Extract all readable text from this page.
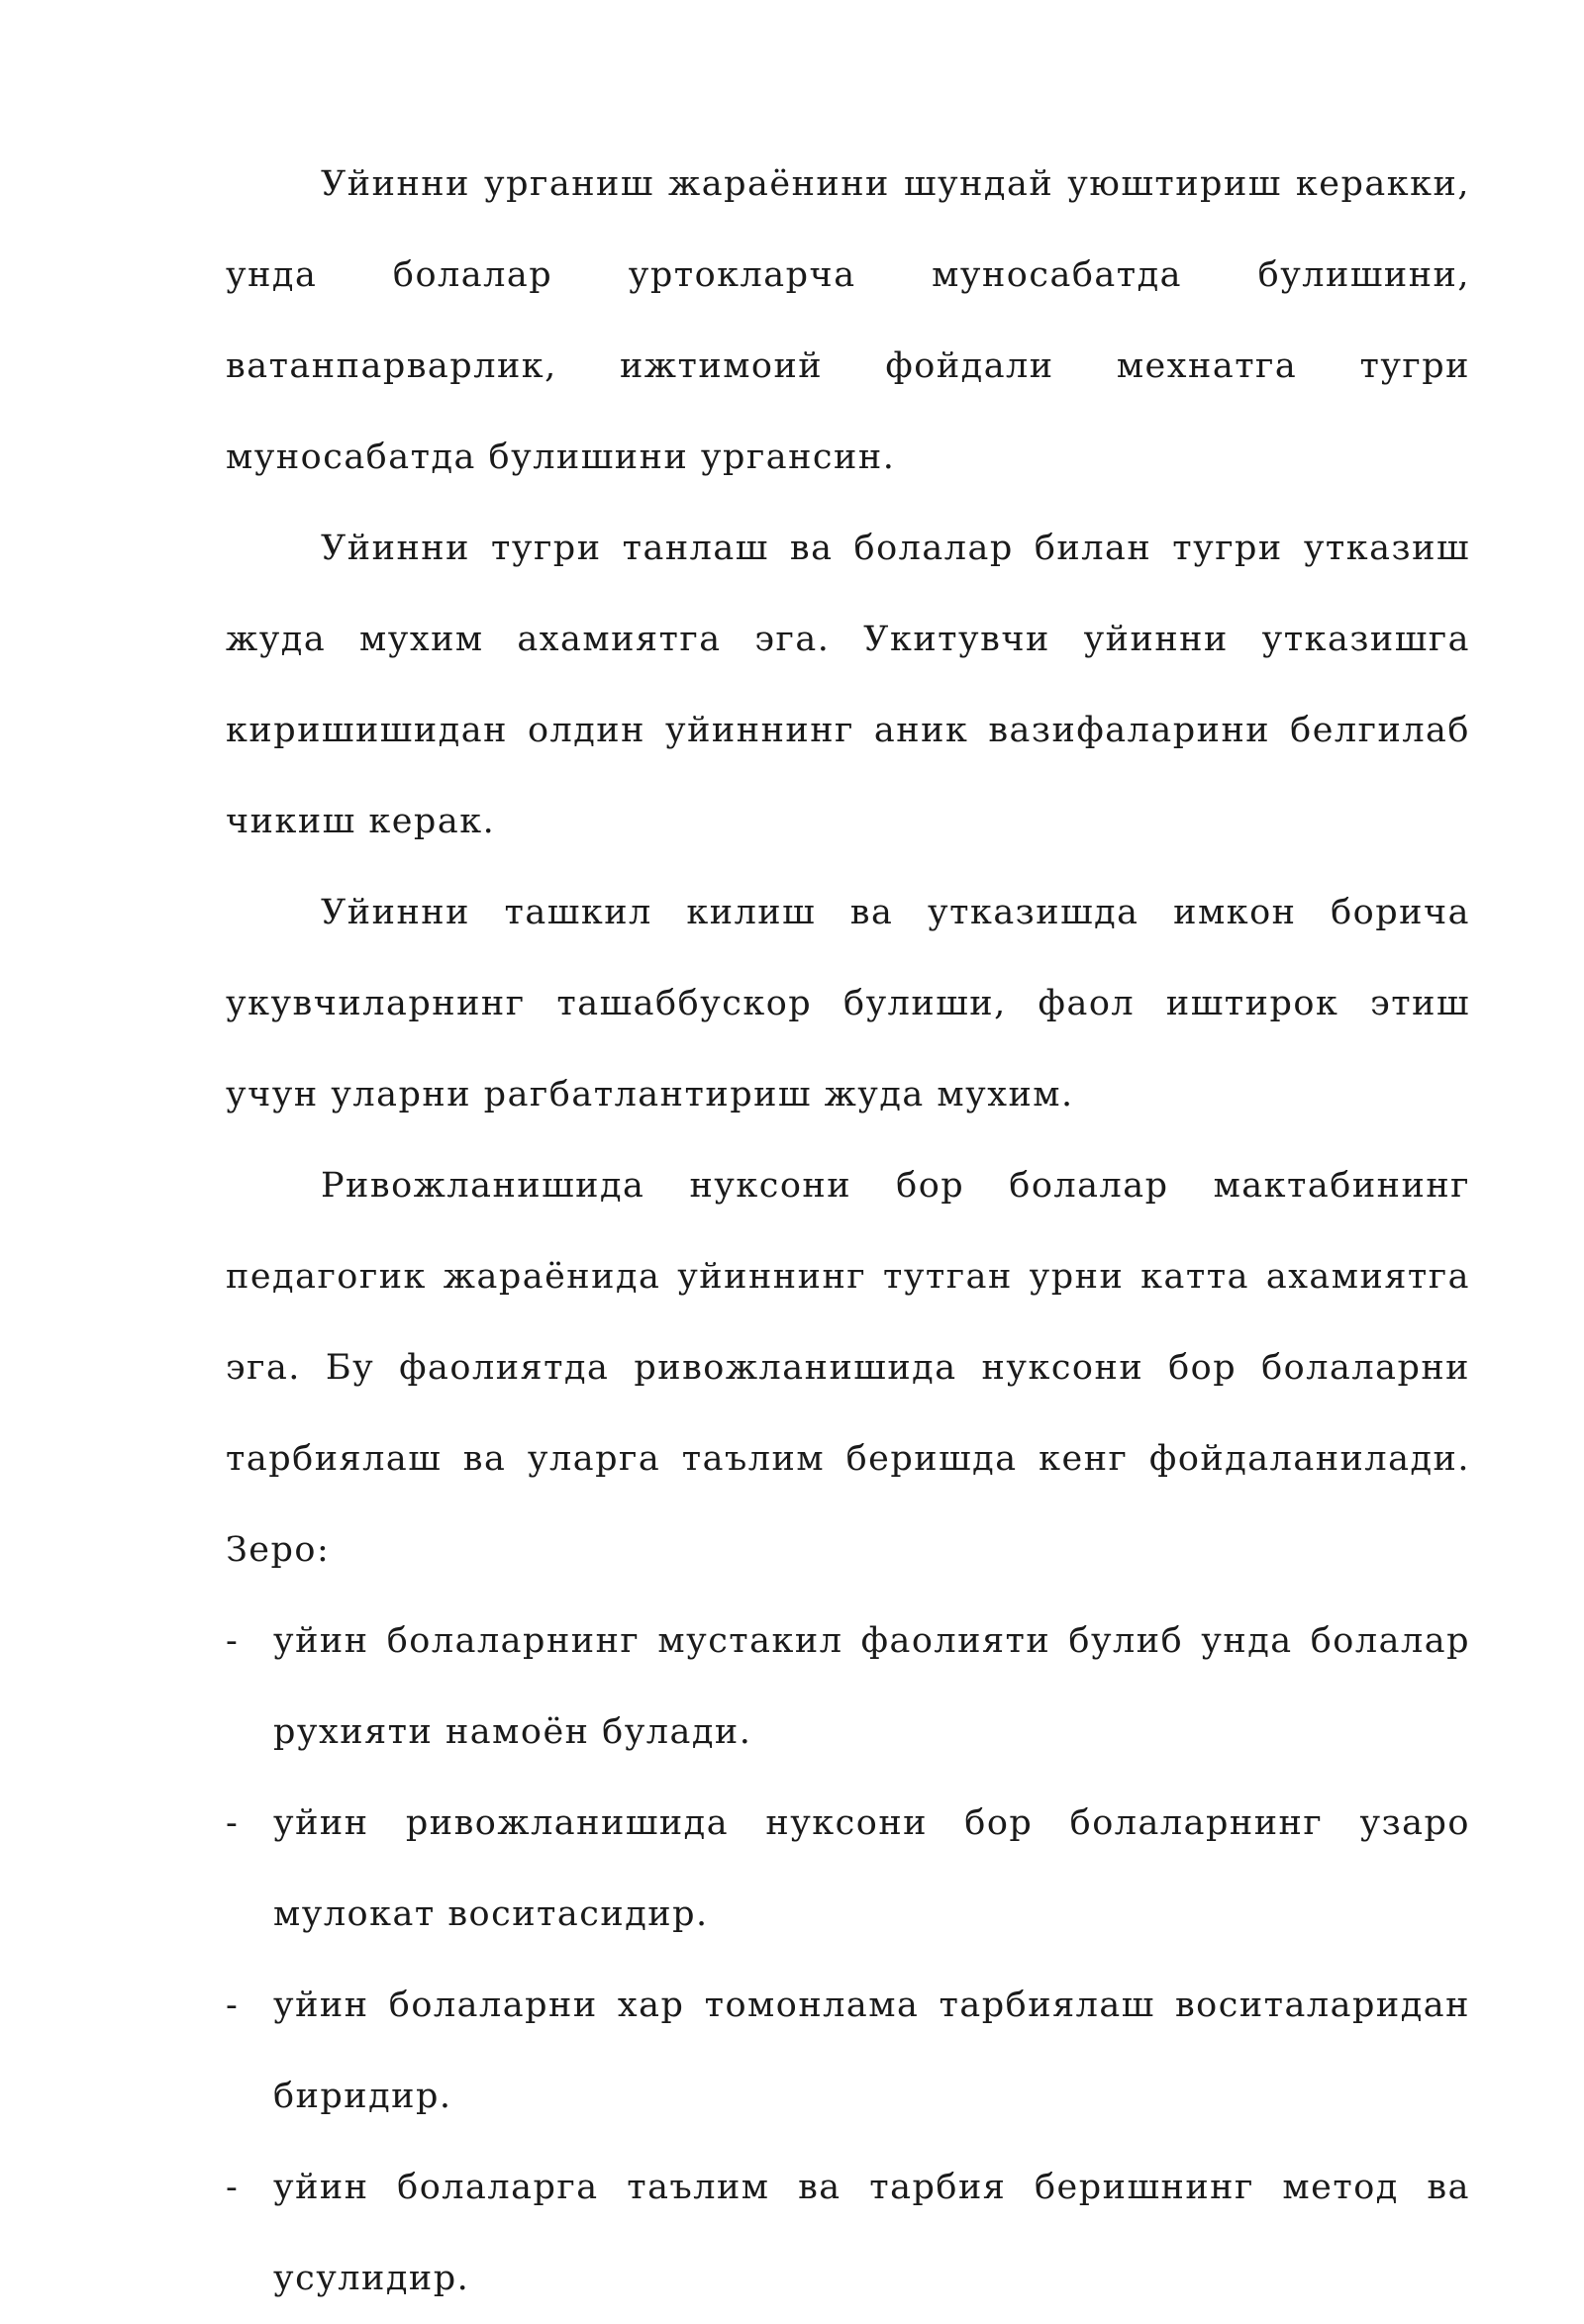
Уйинни урганиш жараёнини шундай уюштириш керакки, унда болалар уртокларча муносабатда булишини, ватанпарварлик, ижтимоий фойдали мехнатга тугри муносабатда булишини ургансин.

Уйинни тугри танлаш ва болалар билан тугри утказиш жуда мухим ахамиятга эга. Укитувчи уйинни утказишга киришишидан олдин уйиннинг аник вазифаларини белгилаб чикиш керак.

Уйинни ташкил килиш ва утказишда имкон борича укувчиларнинг ташаббускор булиши, фаол иштирок этиш учун уларни рагбатлантириш жуда мухим.

Ривожланишида нуксони бор болалар мактабининг педагогик жараёнида уйиннинг тутган урни катта ахамиятга эга. Бу фаолиятда ривожланишида нуксони бор болаларни тарбиялаш ва уларга таълим беришда кенг фойдаланилади. Зеро:

- уйин болаларнинг мустакил фаолияти булиб унда болалар рухияти намоён булади.
- уйин ривожланишида нуксони бор болаларнинг узаро мулокат воситасидир.
- уйин болаларни хар томонлама тарбиялаш воситаларидан биридир.
- уйин болаларга таълим ва тарбия беришнинг метод ва усулидир.
